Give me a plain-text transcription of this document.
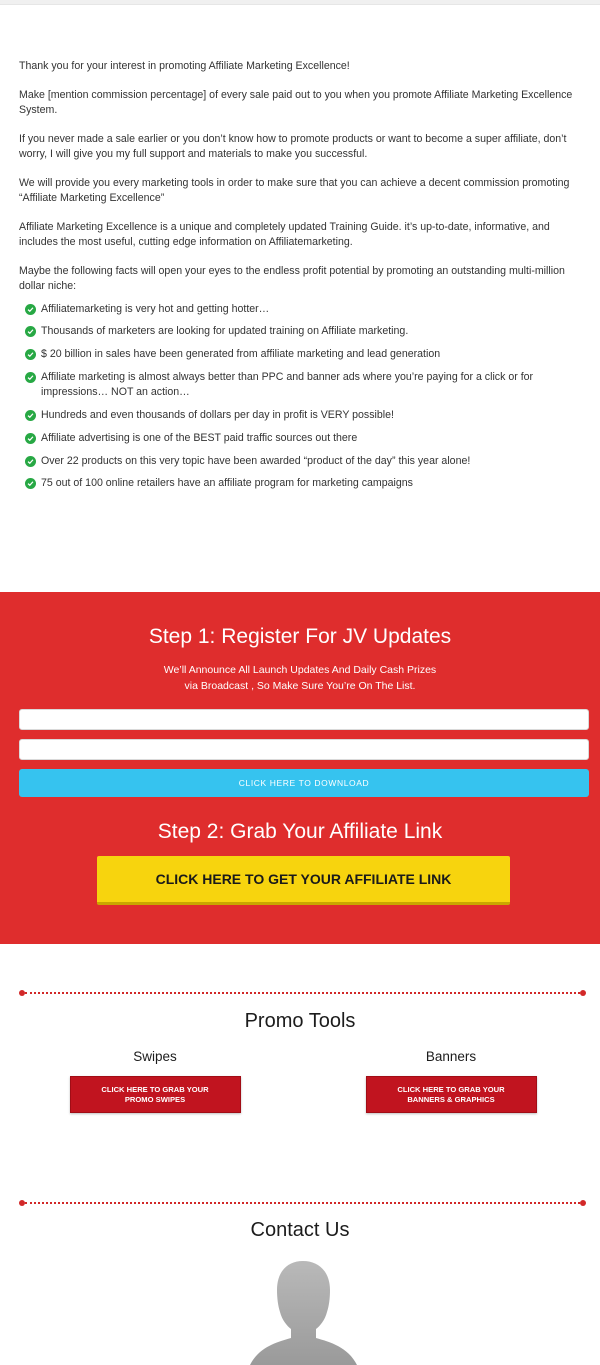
Thank you for your interest in promoting Affiliate Marketing Excellence!

Make [mention commission percentage] of every sale paid out to you when you promote Affiliate Marketing Excellence System.

If you never made a sale earlier or you don’t know how to promote products or want to become a super affiliate, don’t worry, I will give you my full support and materials to make you successful.

We will provide you every marketing tools in order to make sure that you can achieve a decent commission promoting “Affiliate Marketing Excellence”

Affiliate Marketing Excellence is a unique and completely updated Training Guide. it’s up-to-date, informative, and includes the most useful, cutting edge information on Affiliatemarketing.

Maybe the following facts will open your eyes to the endless profit potential by promoting an outstanding multi-million dollar niche:

Affiliatemarketing is very hot and getting hotter…
Thousands of marketers are looking for updated training on Affiliate marketing.
$ 20 billion in sales have been generated from affiliate marketing and lead generation
Affiliate marketing is almost always better than PPC and banner ads where you’re paying for a click or for impressions… NOT an action…
Hundreds and even thousands of dollars per day in profit is VERY possible!
Affiliate advertising is one of the BEST paid traffic sources out there
Over 22 products on this very topic have been awarded “product of the day” this year alone!
75 out of 100 online retailers have an affiliate program for marketing campaigns
Step 1: Register For JV Updates
We’ll Announce All Launch Updates And Daily Cash Prizes
via Broadcast , So Make Sure You’re On The List.
CLICK HERE TO DOWNLOAD
Step 2: Grab Your Affiliate Link
CLICK HERE TO GET YOUR AFFILIATE LINK
Promo Tools
Swipes
CLICK HERE TO GRAB YOUR
PROMO SWIPES
Banners
CLICK HERE TO GRAB YOUR
BANNERS & GRAPHICS
Contact Us
